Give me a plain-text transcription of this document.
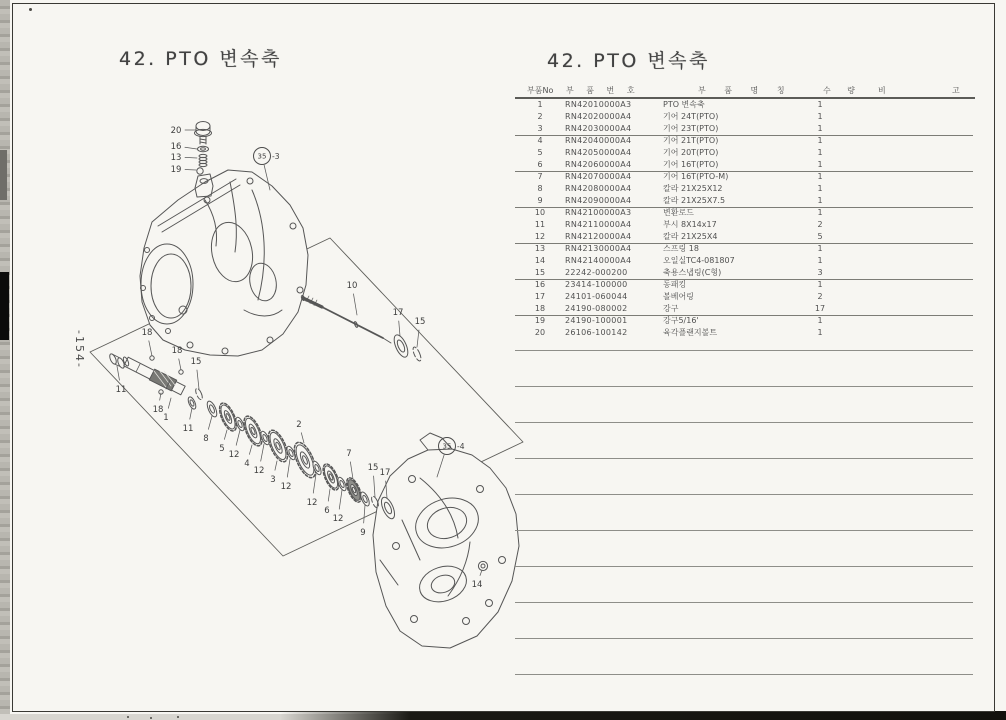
42. PTO 변속축	42. PTO 변속축
-154-
20
16
13
19
18
11
18
15
18
1
11
8
5
12
4
12
3
12
2
12
6
12
7
9
15 17
10
17
15
14
35 -3
35 -4
부품No 부 품 번 호	부 품 명 칭	수 량 비	고
1	RN42010000A3	PTO 변속축	1
2	RN42020000A4	기어 24T(PTO)	1
3	RN42030000A4	기어 23T(PTO)	1
4	RN42040000A4	기어 21T(PTO)	1
5	RN42050000A4	기어 20T(PTO)	1
6	RN42060000A4	기어 16T(PTO)	1
7	RN42070000A4	기어 16T(PTO-M)	1
8	RN42080000A4	칼라 21X25X12	1
9	RN42090000A4	칼라 21X25X7.5	1
10	RN42100000A3	변환로드	1
11	RN42110000A4	부시 8X14x17	2
12	RN42120000A4	칼라 21X25X4	5
13	RN42130000A4	스프링 18	1
14	RN42140000A4	오일실TC4-081807	1
15	22242-000200	축용스냅링(C형)	3
16	23414-100000	동패킹	1
17	24101-060044	볼베어링	2
18	24190-080002	강구	17
19	24190-100001	강구5/16'	1
20	26106-100142	육각플랜지볼트	1
